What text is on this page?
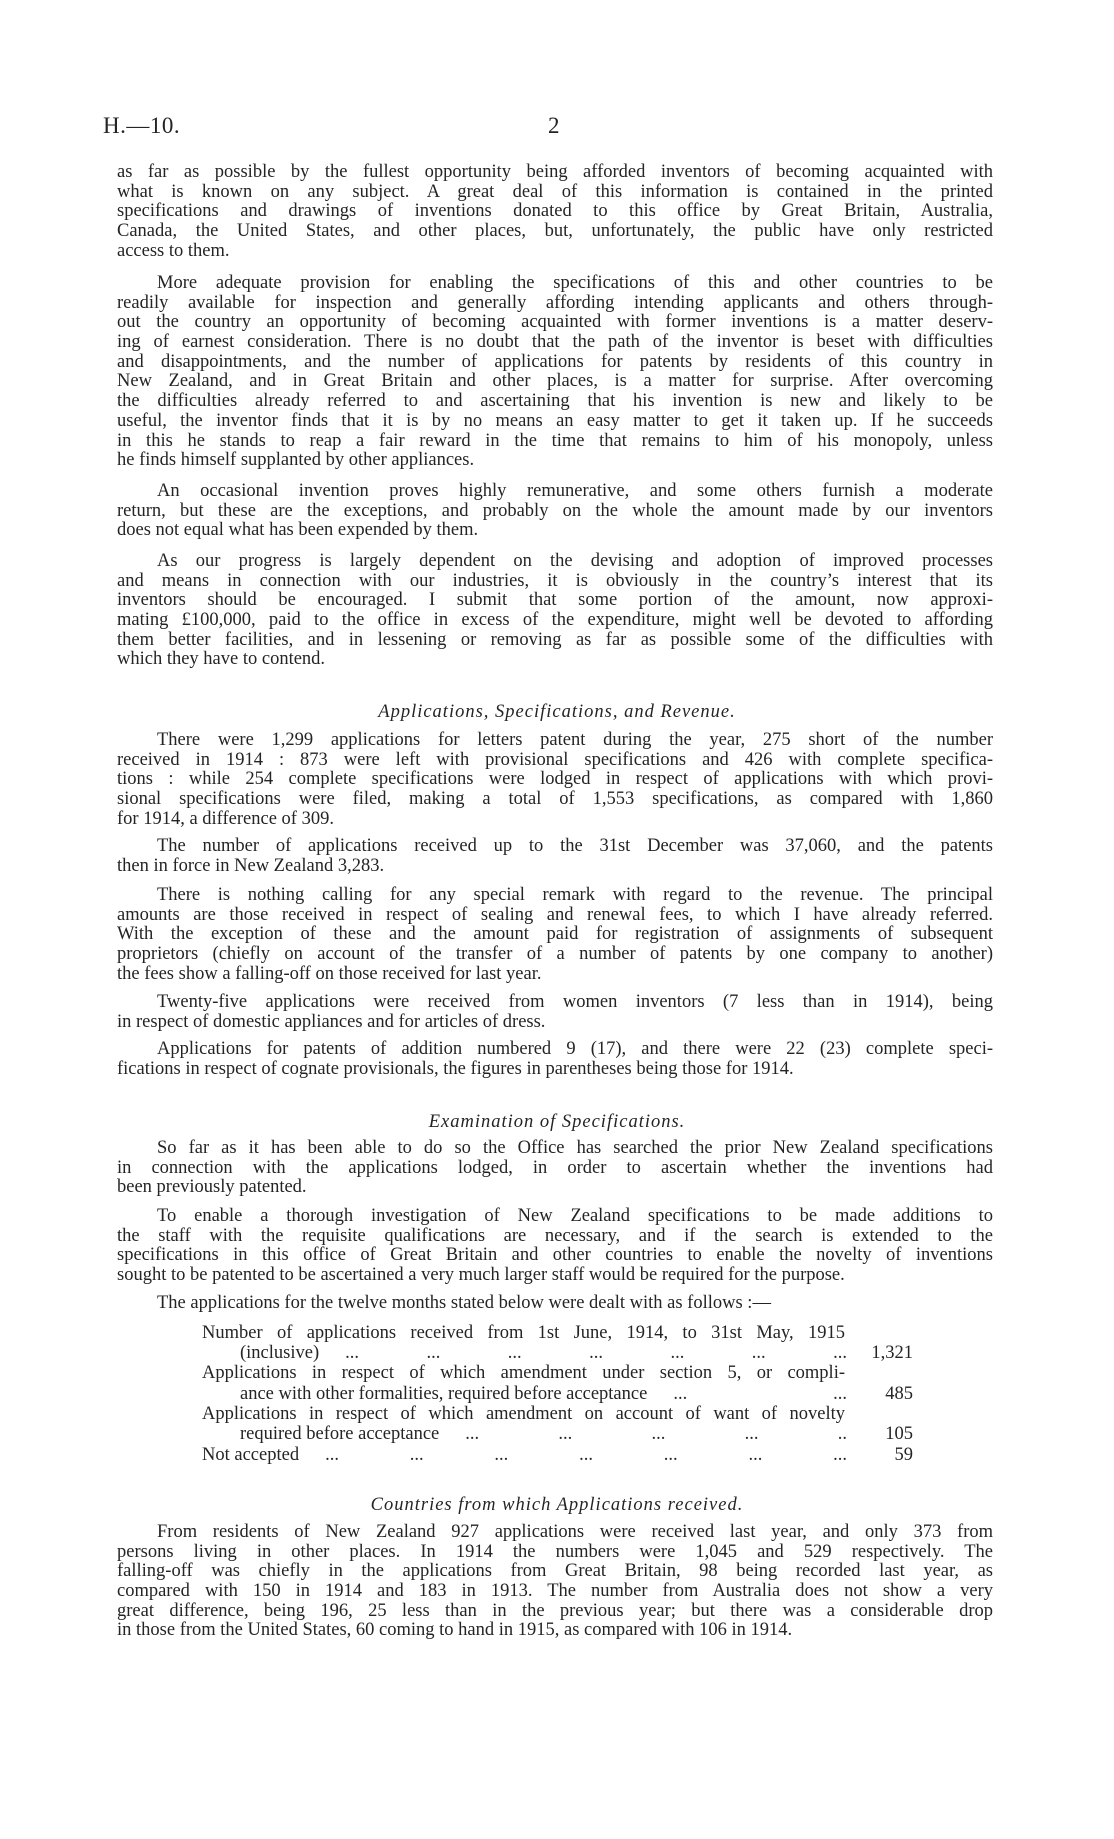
H.—10.	2
as far as possible by the fullest opportunity being afforded inventors of becoming acquainted with
what is known on any subject. A great deal of this information is contained in the printed
specifications and drawings of inventions donated to this office by Great Britain, Australia,
Canada, the United States, and other places, but, unfortunately, the public have only restricted
access to them.
More adequate provision for enabling the specifications of this and other countries to be
readily available for inspection and generally affording intending applicants and others through-
out the country an opportunity of becoming acquainted with former inventions is a matter deserv-
ing of earnest consideration. There is no doubt that the path of the inventor is beset with difficulties
and disappointments, and the number of applications for patents by residents of this country in
New Zealand, and in Great Britain and other places, is a matter for surprise. After overcoming
the difficulties already referred to and ascertaining that his invention is new and likely to be
useful, the inventor finds that it is by no means an easy matter to get it taken up. If he succeeds
in this he stands to reap a fair reward in the time that remains to him of his monopoly, unless
he finds himself supplanted by other appliances.
An occasional invention proves highly remunerative, and some others furnish a moderate
return, but these are the exceptions, and probably on the whole the amount made by our inventors
does not equal what has been expended by them.
As our progress is largely dependent on the devising and adoption of improved processes
and means in connection with our industries, it is obviously in the country’s interest that its
inventors should be encouraged. I submit that some portion of the amount, now approxi-
mating £100,000, paid to the office in excess of the expenditure, might well be devoted to affording
them better facilities, and in lessening or removing as far as possible some of the difficulties with
which they have to contend.
Applications, Specifications, and Revenue.
There were 1,299 applications for letters patent during the year, 275 short of the number
received in 1914 : 873 were left with provisional specifications and 426 with complete specifica-
tions : while 254 complete specifications were lodged in respect of applications with which provi-
sional specifications were filed, making a total of 1,553 specifications, as compared with 1,860
for 1914, a difference of 309.
The number of applications received up to the 31st December was 37,060, and the patents
then in force in New Zealand 3,283.
There is nothing calling for any special remark with regard to the revenue. The principal
amounts are those received in respect of sealing and renewal fees, to which I have already referred.
With the exception of these and the amount paid for registration of assignments of subsequent
proprietors (chiefly on account of the transfer of a number of patents by one company to another)
the fees show a falling-off on those received for last year.
Twenty-five applications were received from women inventors (7 less than in 1914), being
in respect of domestic appliances and for articles of dress.
Applications for patents of addition numbered 9 (17), and there were 22 (23) complete speci-
fications in respect of cognate provisionals, the figures in parentheses being those for 1914.
Examination of Specifications.
So far as it has been able to do so the Office has searched the prior New Zealand specifications
in connection with the applications lodged, in order to ascertain whether the inventions had
been previously patented.
To enable a thorough investigation of New Zealand specifications to be made additions to
the staff with the requisite qualifications are necessary, and if the search is extended to the
specifications in this office of Great Britain and other countries to enable the novelty of inventions
sought to be patented to be ascertained a very much larger staff would be required for the purpose.
The applications for the twelve months stated below were dealt with as follows :—
Number of applications received from 1st June, 1914, to 31st May, 1915
(inclusive)	... ... ... ... ... ... ...	1,321
Applications in respect of which amendment under section 5, or compli-
ance with other formalities, required before acceptance	... ...	485
Applications in respect of which amendment on account of want of novelty
required before acceptance	... ... ... ... ..	105
Not accepted	... ... ... ... ... ... ...	59
Countries from which Applications received.
From residents of New Zealand 927 applications were received last year, and only 373 from
persons living in other places. In 1914 the numbers were 1,045 and 529 respectively. The
falling-off was chiefly in the applications from Great Britain, 98 being recorded last year, as
compared with 150 in 1914 and 183 in 1913. The number from Australia does not show a very
great difference, being 196, 25 less than in the previous year; but there was a considerable drop
in those from the United States, 60 coming to hand in 1915, as compared with 106 in 1914.
